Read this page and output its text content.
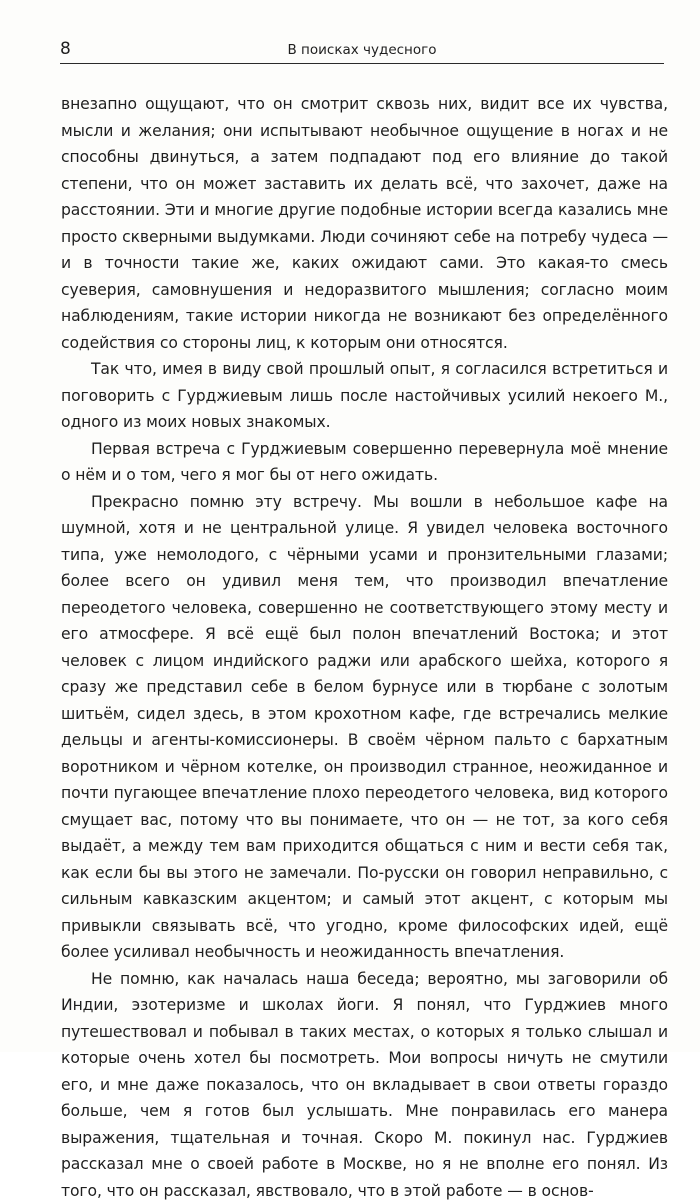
8	В поисках чудесного

внезапно ощущают, что он смотрит сквозь них, видит все их чувства, мысли и желания; они испытывают необычное ощущение в ногах и не способны двинуться, а затем подпадают под его влияние до такой степени, что он может заставить их делать всё, что захочет, даже на расстоянии. Эти и многие другие подобные истории всегда казались мне просто скверными выдумками. Люди сочиняют себе на потребу чудеса — и в точности такие же, каких ожидают сами. Это какая-то смесь суеверия, самовнушения и недоразвитого мышления; согласно моим наблюдениям, такие истории никогда не возникают без определённого содействия со стороны лиц, к которым они относятся.

Так что, имея в виду свой прошлый опыт, я согласился встретиться и поговорить с Гурджиевым лишь после настойчивых усилий некоего М., одного из моих новых знакомых.

Первая встреча с Гурджиевым совершенно перевернула моё мнение о нём и о том, чего я мог бы от него ожидать.

Прекрасно помню эту встречу. Мы вошли в небольшое кафе на шумной, хотя и не центральной улице. Я увидел человека восточного типа, уже немолодого, с чёрными усами и пронзительными глазами; более всего он удивил меня тем, что производил впечатление переодетого человека, совершенно не соответствующего этому месту и его атмосфере. Я всё ещё был полон впечатлений Востока; и этот человек с лицом индийского раджи или арабского шейха, которого я сразу же представил себе в белом бурнусе или в тюрбане с золотым шитьём, сидел здесь, в этом крохотном кафе, где встречались мелкие дельцы и агенты-комиссионеры. В своём чёрном пальто с бархатным воротником и чёрном котелке, он производил странное, неожиданное и почти пугающее впечатление плохо переодетого человека, вид которого смущает вас, потому что вы понимаете, что он — не тот, за кого себя выдаёт, а между тем вам приходится общаться с ним и вести себя так, как если бы вы этого не замечали. По-русски он говорил неправильно, с сильным кавказским акцентом; и самый этот акцент, с которым мы привыкли связывать всё, что угодно, кроме философских идей, ещё более усиливал необычность и неожиданность впечатления.

Не помню, как началась наша беседа; вероятно, мы заговорили об Индии, эзотеризме и школах йоги. Я понял, что Гурджиев много путешествовал и побывал в таких местах, о которых я только слышал и которые очень хотел бы посмотреть. Мои вопросы ничуть не смутили его, и мне даже показалось, что он вкладывает в свои ответы гораздо больше, чем я готов был услышать. Мне понравилась его манера выражения, тщательная и точная. Скоро М. покинул нас. Гурджиев рассказал мне о своей работе в Москве, но я не вполне его понял. Из того, что он рассказал, явствовало, что в этой работе — в основ-
